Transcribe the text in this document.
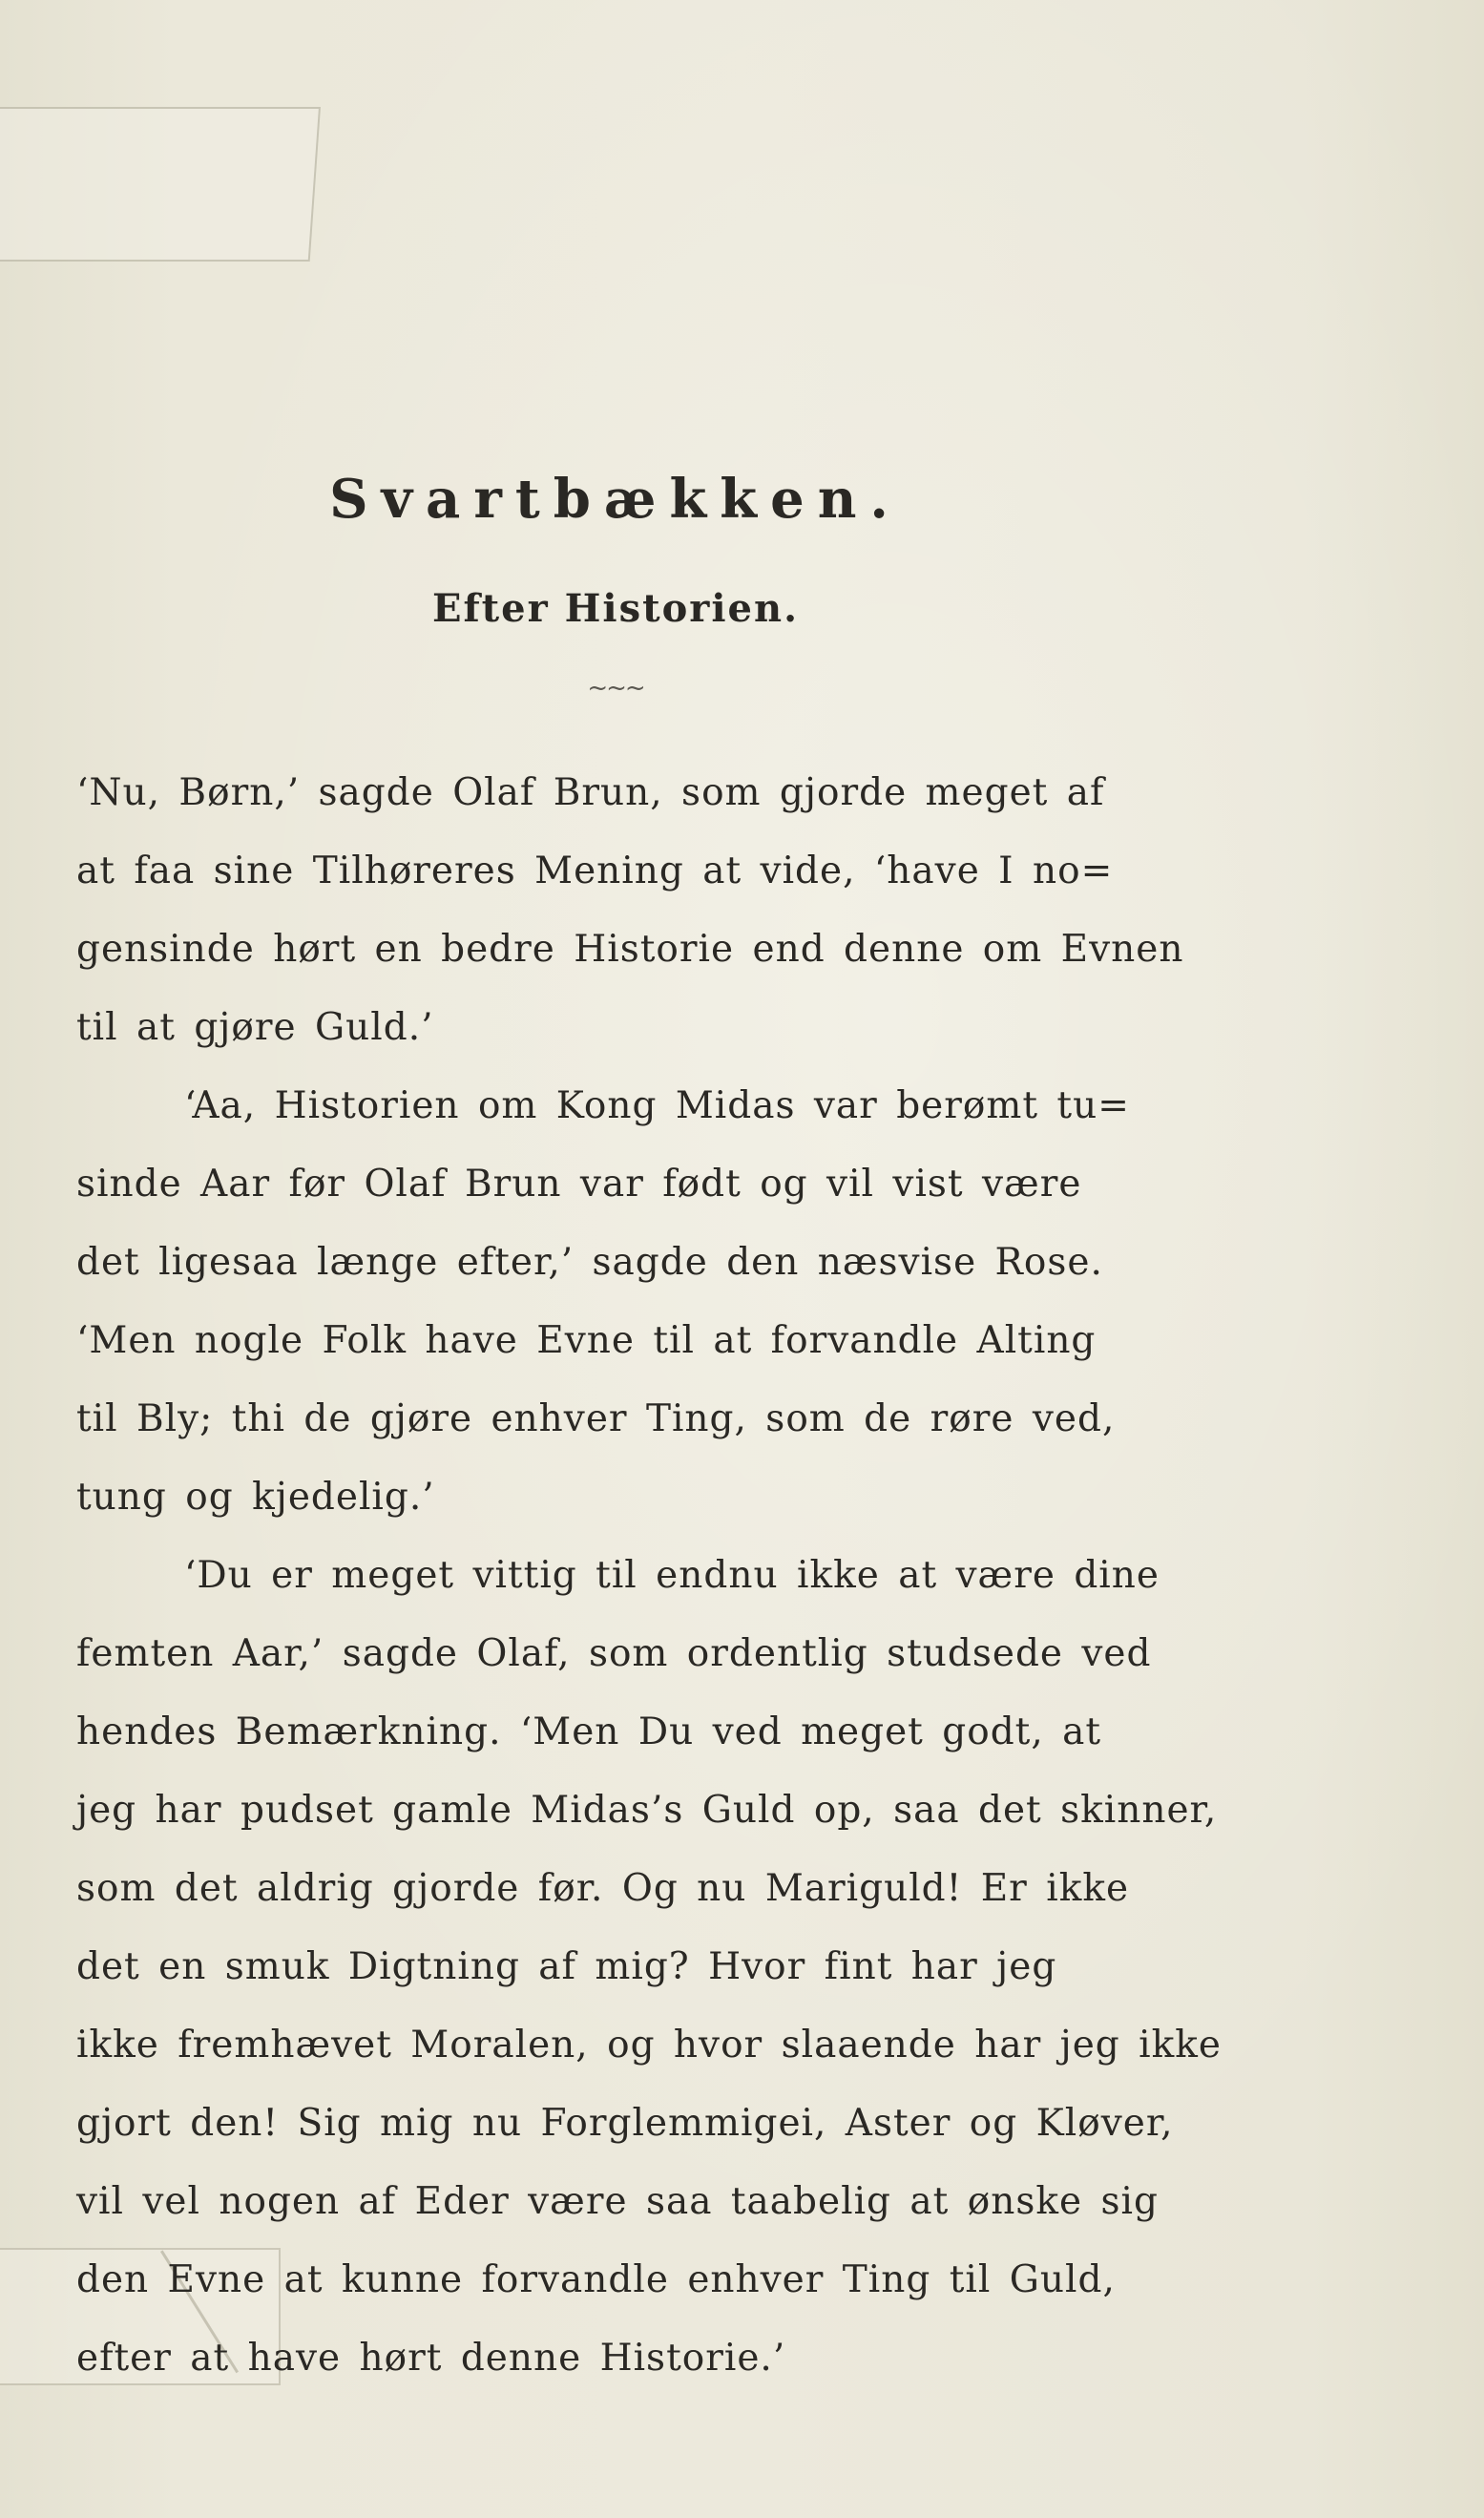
Svartbækken.
Efter Historien.
~~~
‘Nu, Børn,’ sagde Olaf Brun, som gjorde meget af
at faa sine Tilhøreres Mening at vide, ‘have I no=
gensinde hørt en bedre Historie end denne om Evnen
til at gjøre Guld.’
‘Aa, Historien om Kong Midas var berømt tu=
sinde Aar før Olaf Brun var født og vil vist være
det ligesaa længe efter,’ sagde den næsvise Rose.
‘Men nogle Folk have Evne til at forvandle Alting
til Bly; thi de gjøre enhver Ting, som de røre ved,
tung og kjedelig.’
‘Du er meget vittig til endnu ikke at være dine
femten Aar,’ sagde Olaf, som ordentlig studsede ved
hendes Bemærkning. ‘Men Du ved meget godt, at
jeg har pudset gamle Midas’s Guld op, saa det skinner,
som det aldrig gjorde før. Og nu Mariguld! Er ikke
det en smuk Digtning af mig? Hvor fint har jeg
ikke fremhævet Moralen, og hvor slaaende har jeg ikke
gjort den! Sig mig nu Forglemmigei, Aster og Kløver,
vil vel nogen af Eder være saa taabelig at ønske sig
den Evne at kunne forvandle enhver Ting til Guld,
efter at have hørt denne Historie.’
